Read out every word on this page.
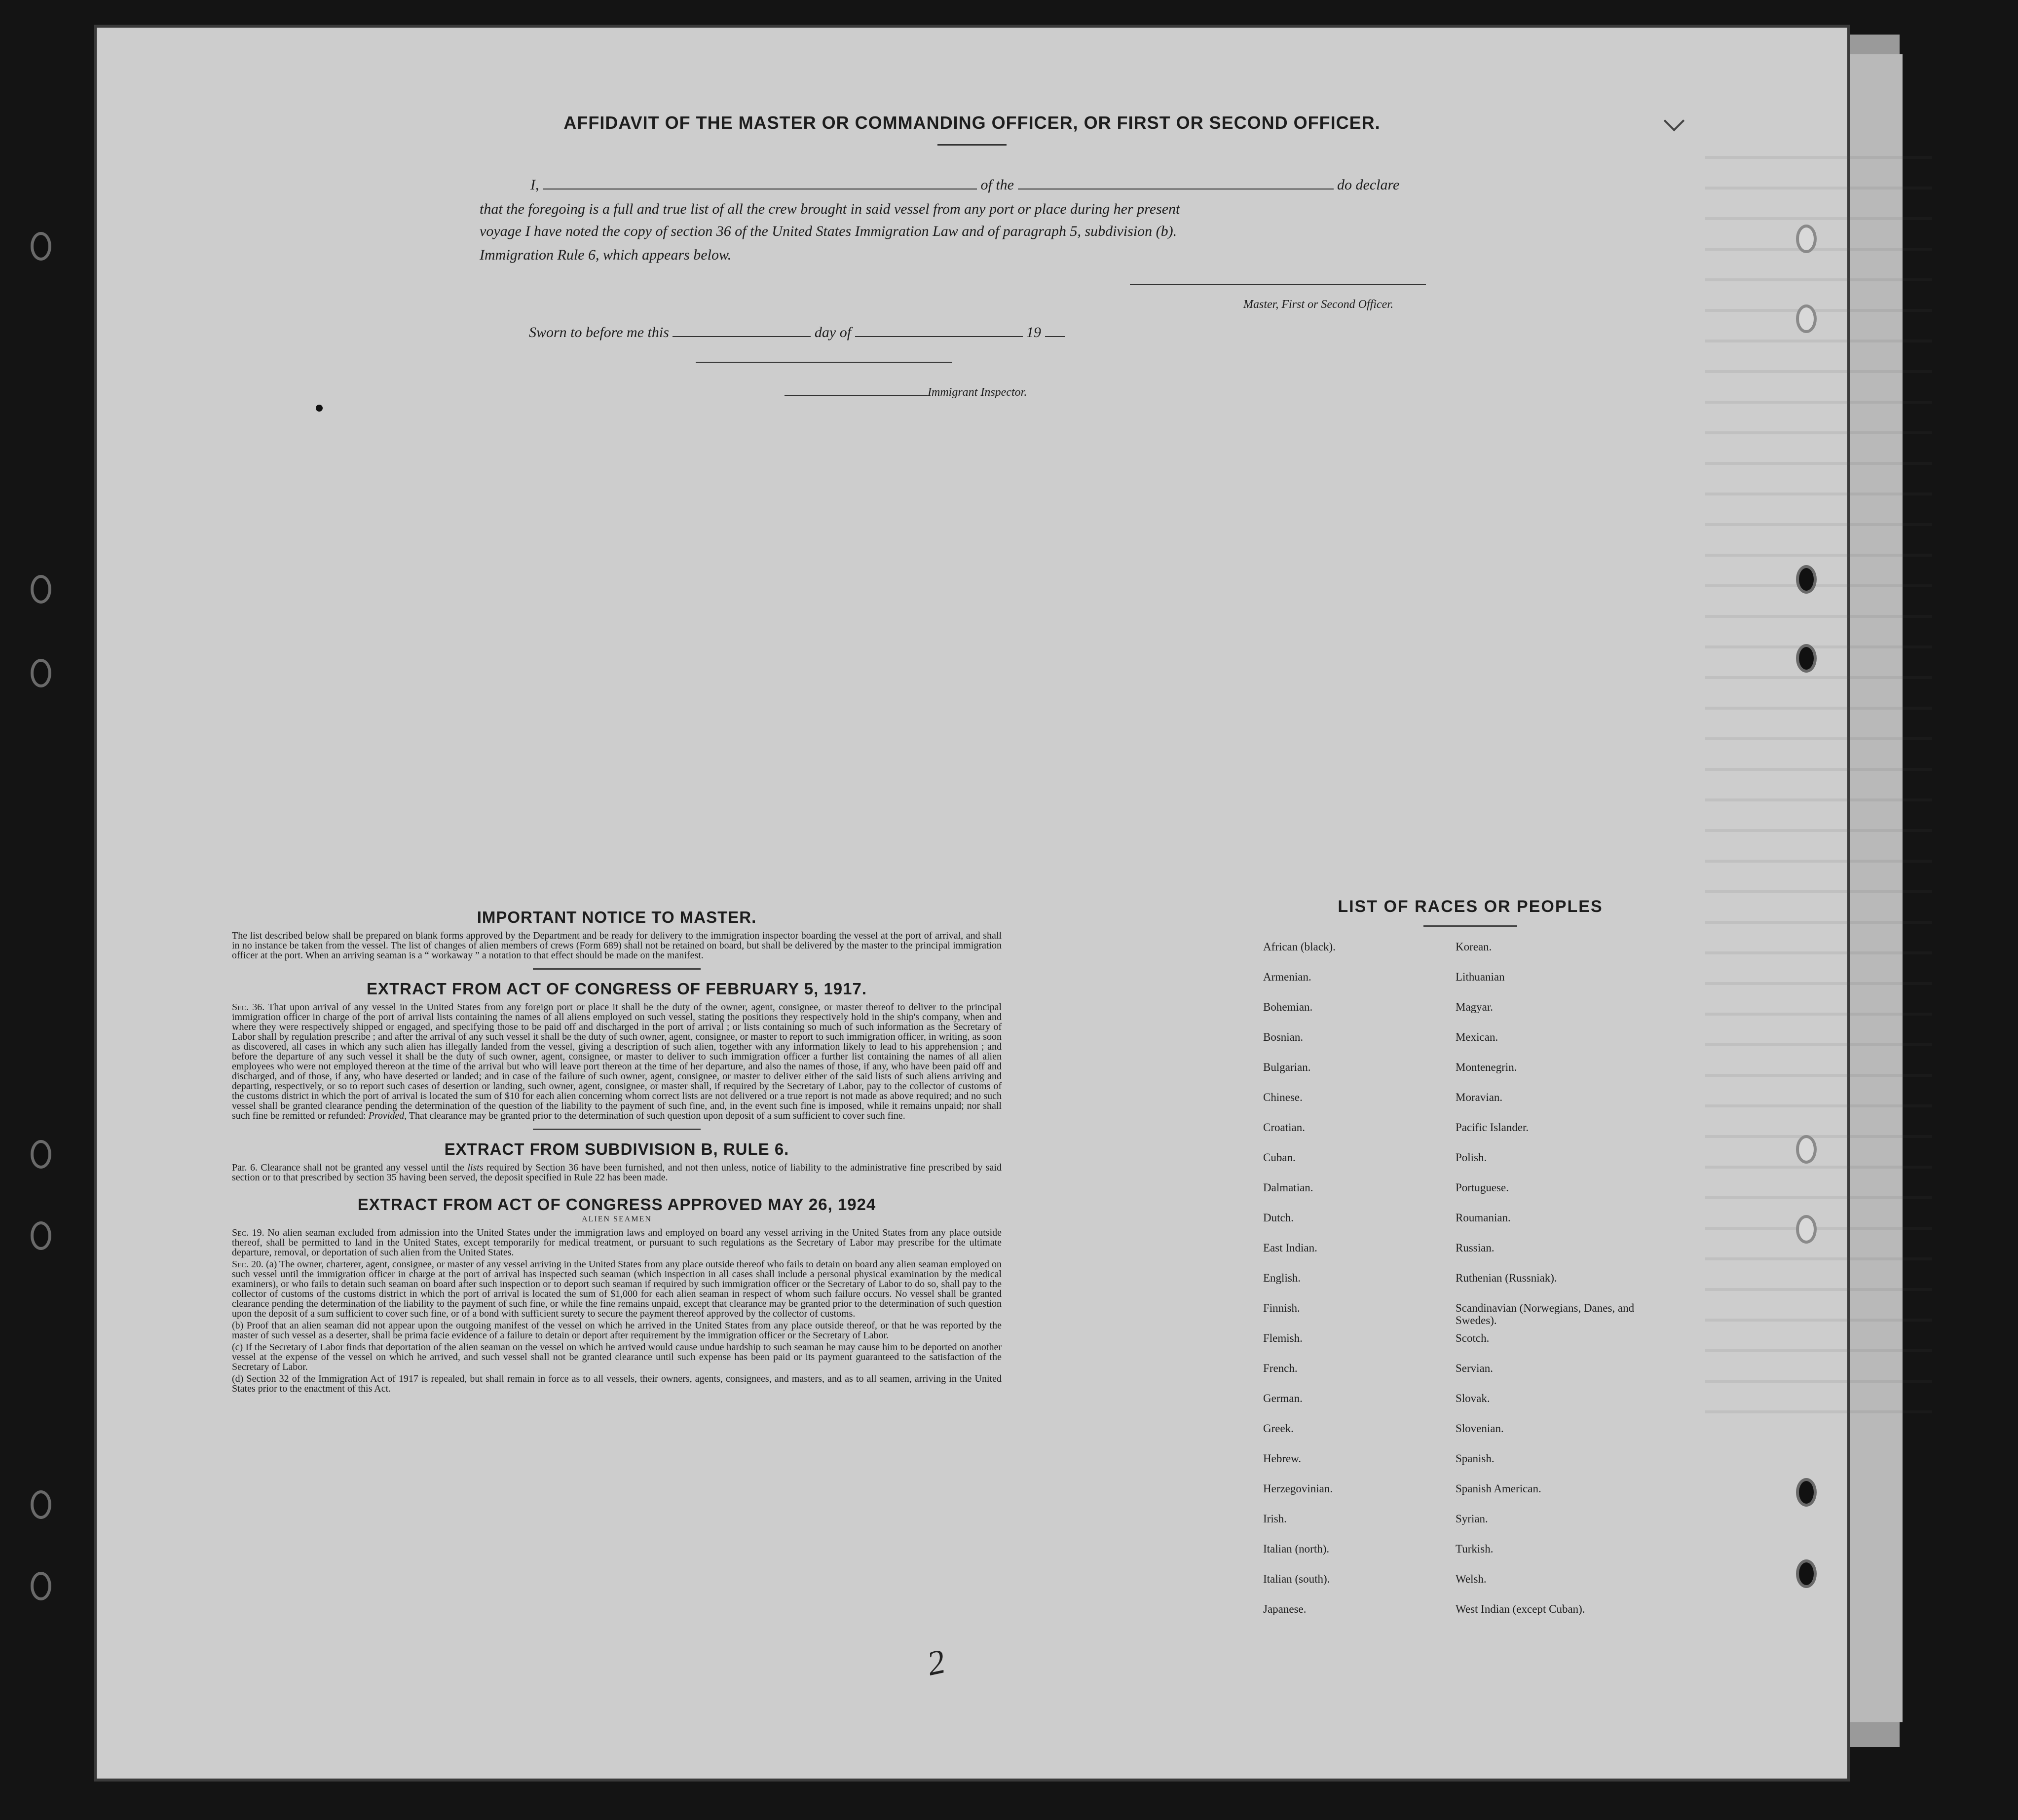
AFFIDAVIT OF THE MASTER OR COMMANDING OFFICER, OR FIRST OR SECOND OFFICER.
I,	of the	do declare
that the foregoing is a full and true list of all the crew brought in said vessel from any port or place during her present
voyage I have noted the copy of section 36 of the United States Immigration Law and of paragraph 5, subdivision (b).
Immigration Rule 6, which appears below.
Master, First or Second Officer.
Sworn to before me this	day of	19
Immigrant Inspector.
IMPORTANT NOTICE TO MASTER.

The list described below shall be prepared on blank forms approved by the Department and be ready for delivery to the immigration inspector boarding the vessel at the port of arrival, and shall in no instance be taken from the vessel. The list of changes of alien members of crews (Form 689) shall not be retained on board, but shall be delivered by the master to the principal immigration officer at the port. When an arriving seaman is a “ workaway ” a notation to that effect should be made on the manifest.

EXTRACT FROM ACT OF CONGRESS OF FEBRUARY 5, 1917.

Sec. 36. That upon arrival of any vessel in the United States from any foreign port or place it shall be the duty of the owner, agent, consignee, or master thereof to deliver to the principal immigration officer in charge of the port of arrival lists containing the names of all aliens employed on such vessel, stating the positions they respectively hold in the ship's company, when and where they were respectively shipped or engaged, and specifying those to be paid off and discharged in the port of arrival ; or lists containing so much of such information as the Secretary of Labor shall by regulation prescribe ; and after the arrival of any such vessel it shall be the duty of such owner, agent, consignee, or master to report to such immigration officer, in writing, as soon as discovered, all cases in which any such alien has illegally landed from the vessel, giving a description of such alien, together with any information likely to lead to his apprehension ; and before the departure of any such vessel it shall be the duty of such owner, agent, consignee, or master to deliver to such immigration officer a further list containing the names of all alien employees who were not employed thereon at the time of the arrival but who will leave port thereon at the time of her departure, and also the names of those, if any, who have been paid off and discharged, and of those, if any, who have deserted or landed; and in case of the failure of such owner, agent, consignee, or master to deliver either of the said lists of such aliens arriving and departing, respectively, or so to report such cases of desertion or landing, such owner, agent, consignee, or master shall, if required by the Secretary of Labor, pay to the collector of customs of the customs district in which the port of arrival is located the sum of $10 for each alien concerning whom correct lists are not delivered or a true report is not made as above required; and no such vessel shall be granted clearance pending the determination of the question of the liability to the payment of such fine, and, in the event such fine is imposed, while it remains unpaid; nor shall such fine be remitted or refunded: Provided, That clearance may be granted prior to the determination of such question upon deposit of a sum sufficient to cover such fine.

EXTRACT FROM SUBDIVISION B, RULE 6.

Par. 6. Clearance shall not be granted any vessel until the lists required by Section 36 have been furnished, and not then unless, notice of liability to the administrative fine prescribed by said section or to that prescribed by section 35 having been served, the deposit specified in Rule 22 has been made.

EXTRACT FROM ACT OF CONGRESS APPROVED MAY 26, 1924
ALIEN SEAMEN

Sec. 19. No alien seaman excluded from admission into the United States under the immigration laws and employed on board any vessel arriving in the United States from any place outside thereof, shall be permitted to land in the United States, except temporarily for medical treatment, or pursuant to such regulations as the Secretary of Labor may prescribe for the ultimate departure, removal, or deportation of such alien from the United States.

Sec. 20. (a) The owner, charterer, agent, consignee, or master of any vessel arriving in the United States from any place outside thereof who fails to detain on board any alien seaman employed on such vessel until the immigration officer in charge at the port of arrival has inspected such seaman (which inspection in all cases shall include a personal physical examination by the medical examiners), or who fails to detain such seaman on board after such inspection or to deport such seaman if required by such immigration officer or the Secretary of Labor to do so, shall pay to the collector of customs of the customs district in which the port of arrival is located the sum of $1,000 for each alien seaman in respect of whom such failure occurs. No vessel shall be granted clearance pending the determination of the liability to the payment of such fine, or while the fine remains unpaid, except that clearance may be granted prior to the determination of such question upon the deposit of a sum sufficient to cover such fine, or of a bond with sufficient surety to secure the payment thereof approved by the collector of customs.

(b) Proof that an alien seaman did not appear upon the outgoing manifest of the vessel on which he arrived in the United States from any place outside thereof, or that he was reported by the master of such vessel as a deserter, shall be prima facie evidence of a failure to detain or deport after requirement by the immigration officer or the Secretary of Labor.

(c) If the Secretary of Labor finds that deportation of the alien seaman on the vessel on which he arrived would cause undue hardship to such seaman he may cause him to be deported on another vessel at the expense of the vessel on which he arrived, and such vessel shall not be granted clearance until such expense has been paid or its payment guaranteed to the satisfaction of the Secretary of Labor.

(d) Section 32 of the Immigration Act of 1917 is repealed, but shall remain in force as to all vessels, their owners, agents, consignees, and masters, and as to all seamen, arriving in the United States prior to the enactment of this Act.

LIST OF RACES OR PEOPLES
African (black).	Korean.
Armenian.	Lithuanian
Bohemian.	Magyar.
Bosnian.	Mexican.
Bulgarian.	Montenegrin.
Chinese.	Moravian.
Croatian.	Pacific Islander.
Cuban.	Polish.
Dalmatian.	Portuguese.
Dutch.	Roumanian.
East Indian.	Russian.
English.	Ruthenian (Russniak).
Finnish.	Scandinavian (Norwegians, Danes, and Swedes).
Flemish.	Scotch.
French.	Servian.
German.	Slovak.
Greek.	Slovenian.
Hebrew.	Spanish.
Herzegovinian.	Spanish American.
Irish.	Syrian.
Italian (north).	Turkish.
Italian (south).	Welsh.
Japanese.	West Indian (except Cuban).
2
